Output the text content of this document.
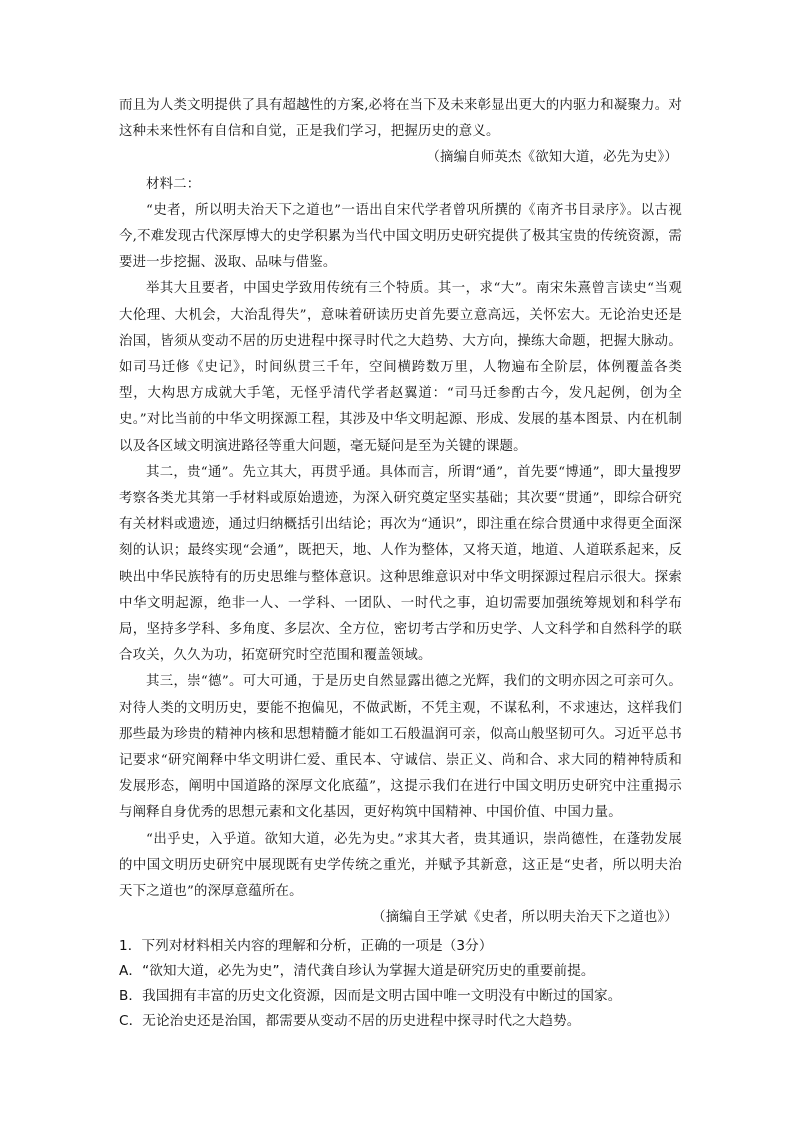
而且为人类文明提供了具有超越性的方案,必将在当下及未来彰显出更大的内驱力和凝聚力。对这种未来性怀有自信和自觉，正是我们学习，把握历史的意义。

（摘编自师英杰《欲知大道，必先为史》）

材料二：

“史者，所以明夫治天下之道也”一语出自宋代学者曾巩所撰的《南齐书目录序》。以古视今,不难发现古代深厚博大的史学积累为当代中国文明历史研究提供了极其宝贵的传统资源，需要进一步挖掘、汲取、品味与借鉴。

举其大且要者，中国史学致用传统有三个特质。其一，求“大”。南宋朱熹曾言读史“当观大伦理、大机会，大治乱得失”，意味着研读历史首先要立意高远，关怀宏大。无论治史还是治国，皆须从变动不居的历史进程中探寻时代之大趋势、大方向，操练大命题，把握大脉动。如司马迁修《史记》，时间纵贯三千年，空间横跨数万里，人物遍布全阶层，体例覆盖各类型，大构思方成就大手笔，无怪乎清代学者赵翼道：“司马迁参酌古今，发凡起例，创为全史。”对比当前的中华文明探源工程，其涉及中华文明起源、形成、发展的基本图景、内在机制以及各区域文明演进路径等重大问题，毫无疑问是至为关键的课题。

其二，贵“通”。先立其大，再贯乎通。具体而言，所谓“通”，首先要“博通”，即大量搜罗考察各类尤其第一手材料或原始遗迹，为深入研究奠定坚实基础；其次要“贯通”，即综合研究有关材料或遗迹，通过归纳概括引出结论；再次为“通识”，即注重在综合贯通中求得更全面深刻的认识；最终实现“会通”，既把天，地、人作为整体，又将天道，地道、人道联系起来，反映出中华民族特有的历史思维与整体意识。这种思维意识对中华文明探源过程启示很大。探索中华文明起源，绝非一人、一学科、一团队、一时代之事，迫切需要加强统筹规划和科学布局，坚持多学科、多角度、多层次、全方位，密切考古学和历史学、人文科学和自然科学的联合攻关，久久为功，拓宽研究时空范围和覆盖领域。

其三，崇“德”。可大可通，于是历史自然显露出德之光辉，我们的文明亦因之可亲可久。对待人类的文明历史，要能不抱偏见，不做武断，不凭主观，不谋私利，不求速达，这样我们那些最为珍贵的精神内核和思想精髓才能如工石般温润可亲，似高山般坚韧可久。习近平总书记要求“研究阐释中华文明讲仁爱、重民本、守诚信、崇正义、尚和合、求大同的精神特质和发展形态，阐明中国道路的深厚文化底蕴”，这提示我们在进行中国文明历史研究中注重揭示与阐释自身优秀的思想元素和文化基因，更好构筑中国精神、中国价值、中国力量。

“出乎史，入乎道。欲知大道，必先为史。”求其大者，贵其通识，崇尚德性，在蓬勃发展的中国文明历史研究中展现既有史学传统之重光，并赋予其新意，这正是“史者，所以明夫治天下之道也”的深厚意蕴所在。

（摘编自王学斌《史者，所以明夫治天下之道也》）

1．下列对材料相关内容的理解和分析，正确的一项是（3分）

A．“欲知大道，必先为史”，清代龚自珍认为掌握大道是研究历史的重要前提。

B．我国拥有丰富的历史文化资源，因而是文明古国中唯一文明没有中断过的国家。

C．无论治史还是治国，都需要从变动不居的历史进程中探寻时代之大趋势。
